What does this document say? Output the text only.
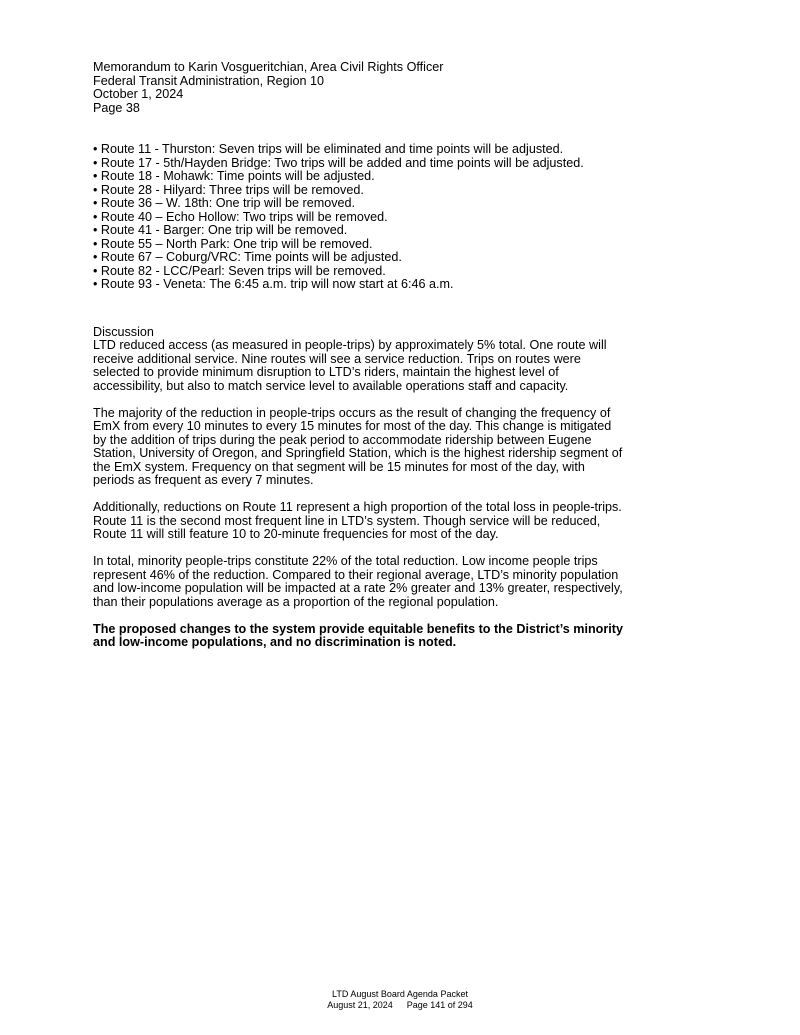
Memorandum to Karin Vosgueritchian, Area Civil Rights Officer
Federal Transit Administration, Region 10
October 1, 2024
Page 38
• Route 11 - Thurston: Seven trips will be eliminated and time points will be adjusted.
• Route 17 - 5th/Hayden Bridge: Two trips will be added and time points will be adjusted.
• Route 18 - Mohawk: Time points will be adjusted.
• Route 28 - Hilyard: Three trips will be removed.
• Route 36 – W. 18th: One trip will be removed.
• Route 40 – Echo Hollow: Two trips will be removed.
• Route 41 - Barger: One trip will be removed.
• Route 55 – North Park: One trip will be removed.
• Route 67 – Coburg/VRC: Time points will be adjusted.
• Route 82 - LCC/Pearl: Seven trips will be removed.
• Route 93 - Veneta: The 6:45 a.m. trip will now start at 6:46 a.m.
Discussion

LTD reduced access (as measured in people-trips) by approximately 5% total. One route will
receive additional service. Nine routes will see a service reduction. Trips on routes were
selected to provide minimum disruption to LTD’s riders, maintain the highest level of
accessibility, but also to match service level to available operations staff and capacity.

The majority of the reduction in people-trips occurs as the result of changing the frequency of
EmX from every 10 minutes to every 15 minutes for most of the day. This change is mitigated
by the addition of trips during the peak period to accommodate ridership between Eugene
Station, University of Oregon, and Springfield Station, which is the highest ridership segment of
the EmX system. Frequency on that segment will be 15 minutes for most of the day, with
periods as frequent as every 7 minutes.

Additionally, reductions on Route 11 represent a high proportion of the total loss in people-trips.
Route 11 is the second most frequent line in LTD’s system. Though service will be reduced,
Route 11 will still feature 10 to 20-minute frequencies for most of the day.

In total, minority people-trips constitute 22% of the total reduction. Low income people trips
represent 46% of the reduction. Compared to their regional average, LTD’s minority population
and low-income population will be impacted at a rate 2% greater and 13% greater, respectively,
than their populations average as a proportion of the regional population.

The proposed changes to the system provide equitable benefits to the District’s minority
and low-income populations, and no discrimination is noted.

LTD August Board Agenda Packet
August 21, 2024 Page 141 of 294
